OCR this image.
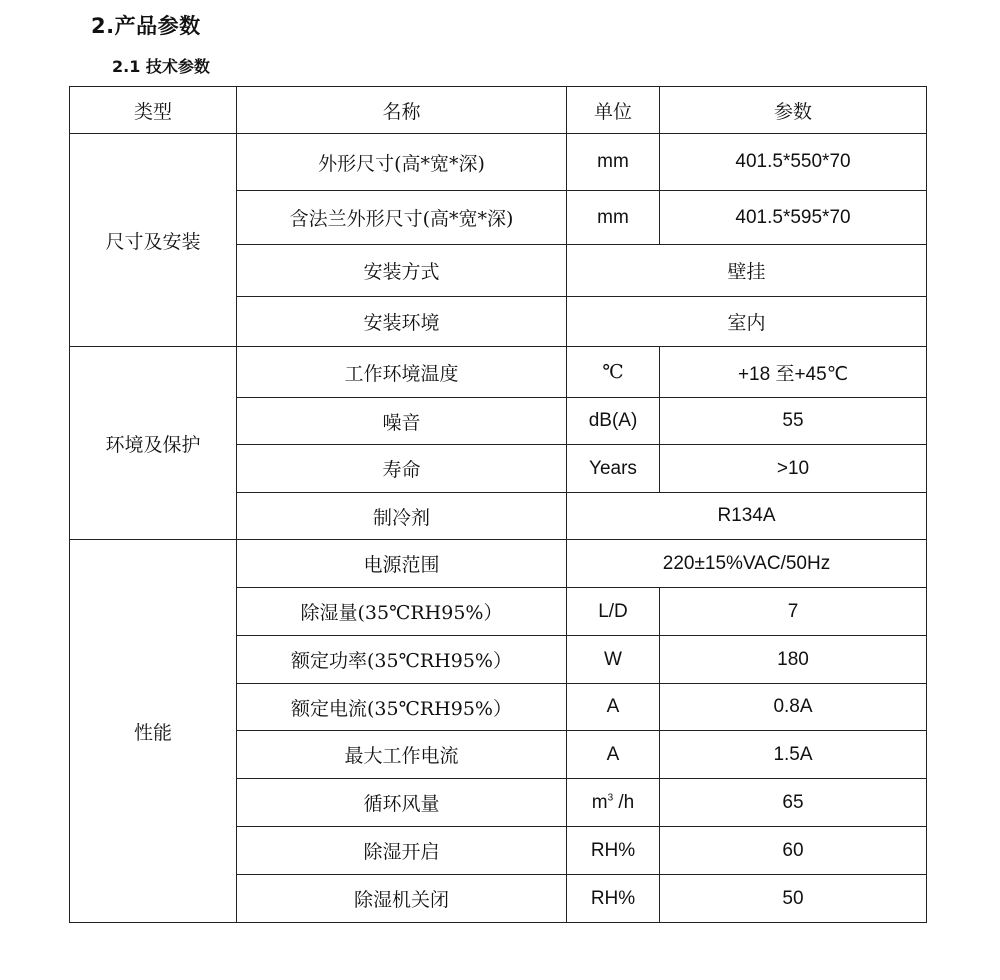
2.产品参数
2.1 技术参数
类型	名称	单位	参数
尺寸及安装	外形尺寸(高*宽*深)	mm	401.5*550*70
	含法兰外形尺寸(高*宽*深)	mm	401.5*595*70
	安装方式	壁挂	
	安装环境	室内	
环境及保护	工作环境温度	℃	+18 至+45℃
	噪音	dB(A)	55
	寿命	Years	>10
	制冷剂	R134A	
性能	电源范围	220±15%VAC/50Hz	
	除湿量(35℃RH95%）	L/D	7
	额定功率(35℃RH95%）	W	180
	额定电流(35℃RH95%）	A	0.8A
	最大工作电流	A	1.5A
	循环风量	$m^3$ /h	65
	除湿开启	RH%	60
	除湿机关闭	RH%	50
